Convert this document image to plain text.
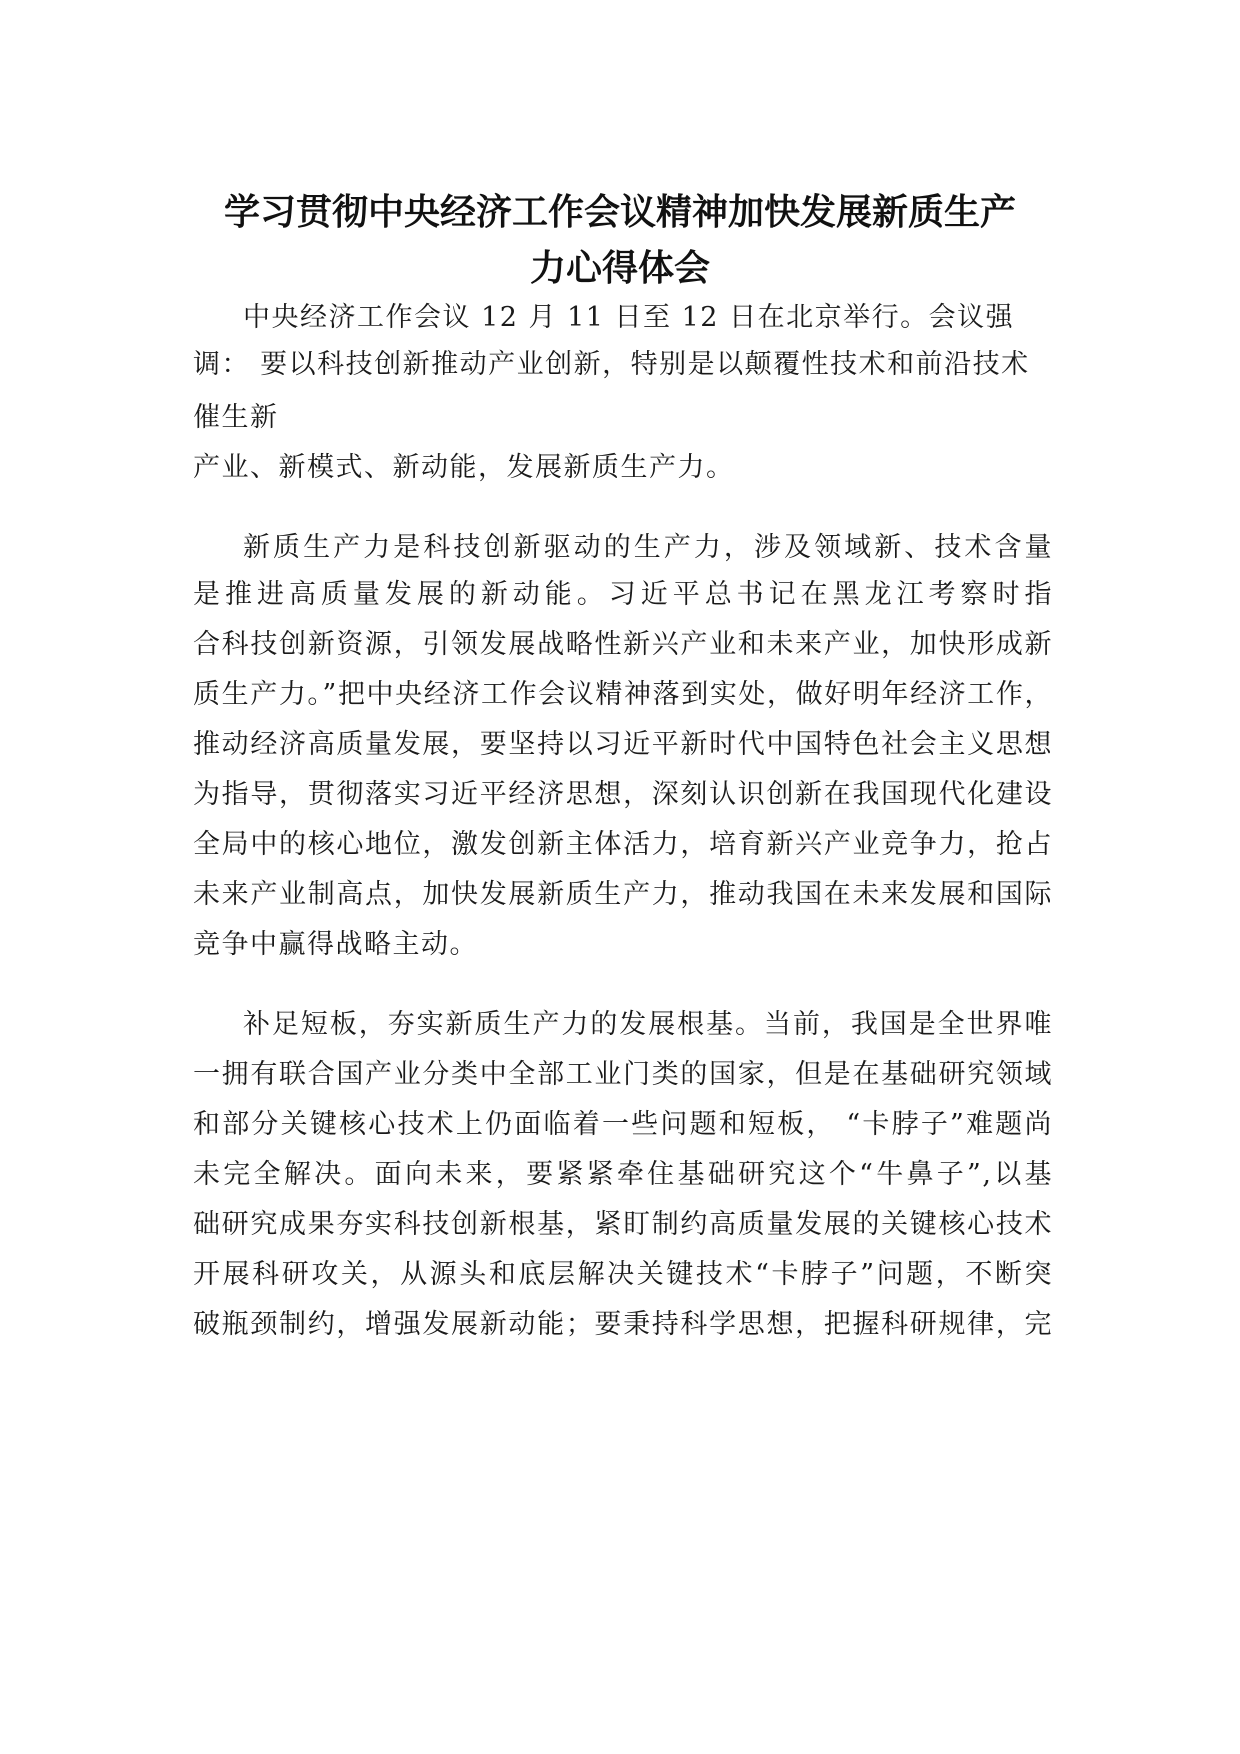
学习贯彻中央经济工作会议精神加快发展新质生产
力心得体会
中央经济工作会议 12 月 11 日至 12 日在北京举行。会议强
调： 要以科技创新推动产业创新，特别是以颠覆性技术和前沿技术
催生新
产业、新模式、新动能，发展新质生产力。
新质生产力是科技创新驱动的生产力，涉及领域新、技术含量
是推进高质量发展的新动能。习近平总书记在黑龙江考察时指
合科技创新资源，引领发展战略性新兴产业和未来产业，加快形成新
质生产力。”把中央经济工作会议精神落到实处，做好明年经济工作，
推动经济高质量发展，要坚持以习近平新时代中国特色社会主义思想
为指导，贯彻落实习近平经济思想，深刻认识创新在我国现代化建设
全局中的核心地位，激发创新主体活力，培育新兴产业竞争力，抢占
未来产业制高点，加快发展新质生产力，推动我国在未来发展和国际
竞争中赢得战略主动。
补足短板，夯实新质生产力的发展根基。当前，我国是全世界唯
一拥有联合国产业分类中全部工业门类的国家，但是在基础研究领域
和部分关键核心技术上仍面临着一些问题和短板， “卡脖子”难题尚
未完全解决。面向未来，要紧紧牵住基础研究这个“牛鼻子”,以基
础研究成果夯实科技创新根基，紧盯制约高质量发展的关键核心技术
开展科研攻关，从源头和底层解决关键技术“卡脖子”问题，不断突
破瓶颈制约，增强发展新动能；要秉持科学思想，把握科研规律，完
